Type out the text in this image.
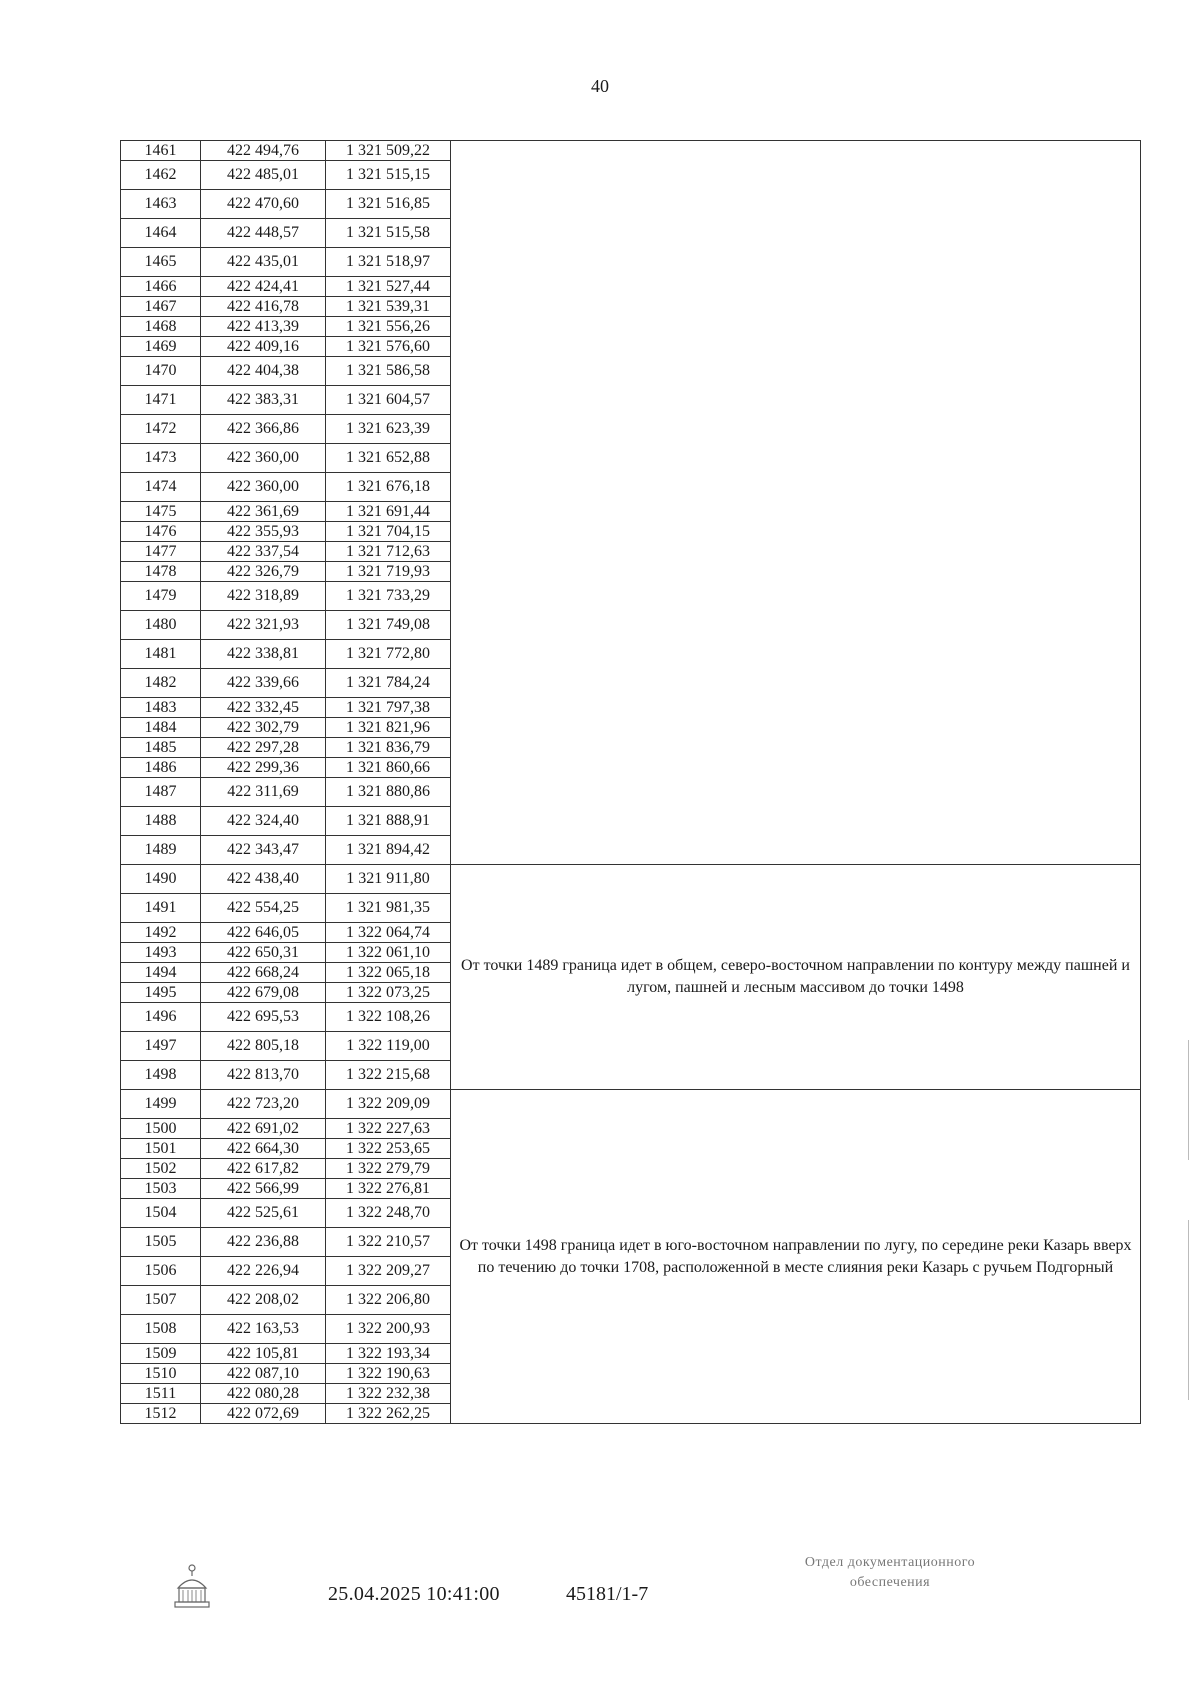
40
1461	422 494,76	1 321 509,22	
1462	422 485,01	1 321 515,15	
1463	422 470,60	1 321 516,85	
1464	422 448,57	1 321 515,58	
1465	422 435,01	1 321 518,97	
1466	422 424,41	1 321 527,44	
1467	422 416,78	1 321 539,31	
1468	422 413,39	1 321 556,26	
1469	422 409,16	1 321 576,60	
1470	422 404,38	1 321 586,58	
1471	422 383,31	1 321 604,57	
1472	422 366,86	1 321 623,39	
1473	422 360,00	1 321 652,88	
1474	422 360,00	1 321 676,18	
1475	422 361,69	1 321 691,44	
1476	422 355,93	1 321 704,15	
1477	422 337,54	1 321 712,63	
1478	422 326,79	1 321 719,93	
1479	422 318,89	1 321 733,29	
1480	422 321,93	1 321 749,08	
1481	422 338,81	1 321 772,80	
1482	422 339,66	1 321 784,24	
1483	422 332,45	1 321 797,38	
1484	422 302,79	1 321 821,96	
1485	422 297,28	1 321 836,79	
1486	422 299,36	1 321 860,66	
1487	422 311,69	1 321 880,86	
1488	422 324,40	1 321 888,91	
1489	422 343,47	1 321 894,42	
1490	422 438,40	1 321 911,80	От точки 1489 граница идет в общем, северо-восточном направлении по контуру между пашней и лугом, пашней и лесным массивом до точки 1498
1491	422 554,25	1 321 981,35	
1492	422 646,05	1 322 064,74	
1493	422 650,31	1 322 061,10	
1494	422 668,24	1 322 065,18	
1495	422 679,08	1 322 073,25	
1496	422 695,53	1 322 108,26	
1497	422 805,18	1 322 119,00	
1498	422 813,70	1 322 215,68	
1499	422 723,20	1 322 209,09	От точки 1498 граница идет в юго-восточном направлении по лугу, по середине реки Казарь вверх по течению до точки 1708, расположенной в месте слияния реки Казарь с ручьем Подгорный
1500	422 691,02	1 322 227,63	
1501	422 664,30	1 322 253,65	
1502	422 617,82	1 322 279,79	
1503	422 566,99	1 322 276,81	
1504	422 525,61	1 322 248,70	
1505	422 236,88	1 322 210,57	
1506	422 226,94	1 322 209,27	
1507	422 208,02	1 322 206,80	
1508	422 163,53	1 322 200,93	
1509	422 105,81	1 322 193,34	
1510	422 087,10	1 322 190,63	
1511	422 080,28	1 322 232,38	
1512	422 072,69	1 322 262,25	
25.04.2025 10:41:00	45181/1-7
Отдел документационного
обеспечения
